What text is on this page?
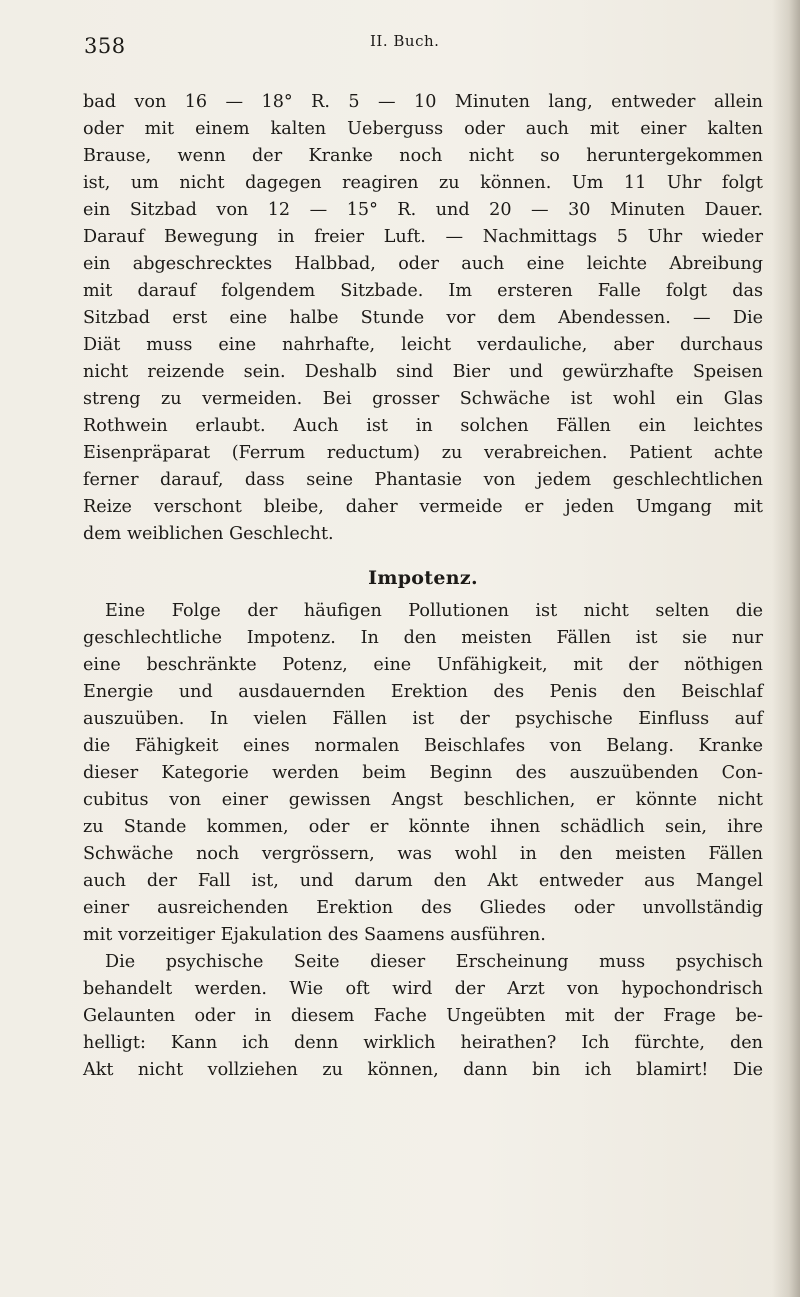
358	II. Buch.
bad von 16 — 18° R. 5 — 10 Minuten lang, entweder allein
oder mit einem kalten Ueberguss oder auch mit einer kalten
Brause, wenn der Kranke noch nicht so heruntergekommen
ist, um nicht dagegen reagiren zu können. Um 11 Uhr folgt
ein Sitzbad von 12 — 15° R. und 20 — 30 Minuten Dauer.
Darauf Bewegung in freier Luft. — Nachmittags 5 Uhr wieder
ein abgeschrecktes Halbbad, oder auch eine leichte Abreibung
mit darauf folgendem Sitzbade. Im ersteren Falle folgt das
Sitzbad erst eine halbe Stunde vor dem Abendessen. — Die
Diät muss eine nahrhafte, leicht verdauliche, aber durchaus
nicht reizende sein. Deshalb sind Bier und gewürzhafte Speisen
streng zu vermeiden. Bei grosser Schwäche ist wohl ein Glas
Rothwein erlaubt. Auch ist in solchen Fällen ein leichtes
Eisenpräparat (Ferrum reductum) zu verabreichen. Patient achte
ferner darauf, dass seine Phantasie von jedem geschlechtlichen
Reize verschont bleibe, daher vermeide er jeden Umgang mit
dem weiblichen Geschlecht.
Impotenz.
Eine Folge der häufigen Pollutionen ist nicht selten die
geschlechtliche Impotenz. In den meisten Fällen ist sie nur
eine beschränkte Potenz, eine Unfähigkeit, mit der nöthigen
Energie und ausdauernden Erektion des Penis den Beischlaf
auszuüben. In vielen Fällen ist der psychische Einfluss auf
die Fähigkeit eines normalen Beischlafes von Belang. Kranke
dieser Kategorie werden beim Beginn des auszuübenden Con-
cubitus von einer gewissen Angst beschlichen, er könnte nicht
zu Stande kommen, oder er könnte ihnen schädlich sein, ihre
Schwäche noch vergrössern, was wohl in den meisten Fällen
auch der Fall ist, und darum den Akt entweder aus Mangel
einer ausreichenden Erektion des Gliedes oder unvollständig
mit vorzeitiger Ejakulation des Saamens ausführen.
Die psychische Seite dieser Erscheinung muss psychisch
behandelt werden. Wie oft wird der Arzt von hypochondrisch
Gelaunten oder in diesem Fache Ungeübten mit der Frage be-
helligt: Kann ich denn wirklich heirathen? Ich fürchte, den
Akt nicht vollziehen zu können, dann bin ich blamirt! Die
